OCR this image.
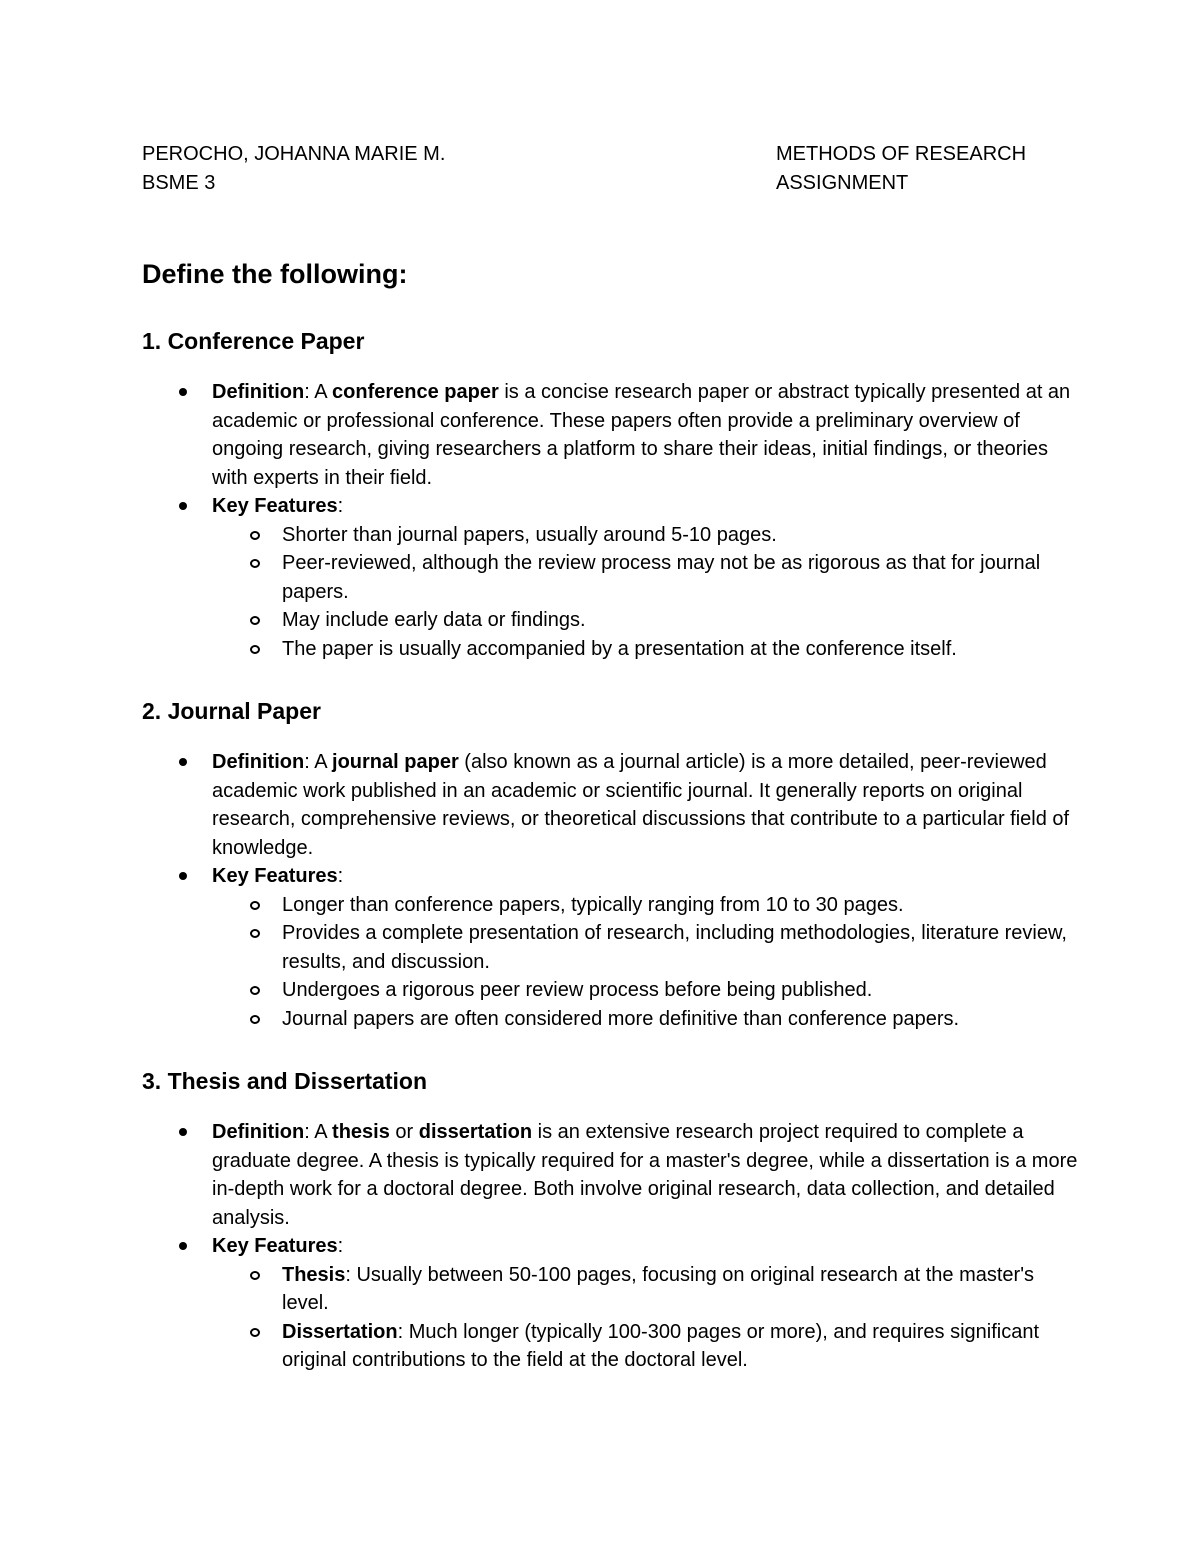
PEROCHO, JOHANNA MARIE M.
BSME 3
METHODS OF RESEARCH
ASSIGNMENT
Define the following:
1. Conference Paper
Definition: A conference paper is a concise research paper or abstract typically presented at an academic or professional conference. These papers often provide a preliminary overview of ongoing research, giving researchers a platform to share their ideas, initial findings, or theories with experts in their field.
Key Features:
Shorter than journal papers, usually around 5-10 pages.
Peer-reviewed, although the review process may not be as rigorous as that for journal papers.
May include early data or findings.
The paper is usually accompanied by a presentation at the conference itself.
2. Journal Paper
Definition: A journal paper (also known as a journal article) is a more detailed, peer-reviewed academic work published in an academic or scientific journal. It generally reports on original research, comprehensive reviews, or theoretical discussions that contribute to a particular field of knowledge.
Key Features:
Longer than conference papers, typically ranging from 10 to 30 pages.
Provides a complete presentation of research, including methodologies, literature review, results, and discussion.
Undergoes a rigorous peer review process before being published.
Journal papers are often considered more definitive than conference papers.
3. Thesis and Dissertation
Definition: A thesis or dissertation is an extensive research project required to complete a graduate degree. A thesis is typically required for a master's degree, while a dissertation is a more in-depth work for a doctoral degree. Both involve original research, data collection, and detailed analysis.
Key Features:
Thesis: Usually between 50-100 pages, focusing on original research at the master's level.
Dissertation: Much longer (typically 100-300 pages or more), and requires significant original contributions to the field at the doctoral level.
